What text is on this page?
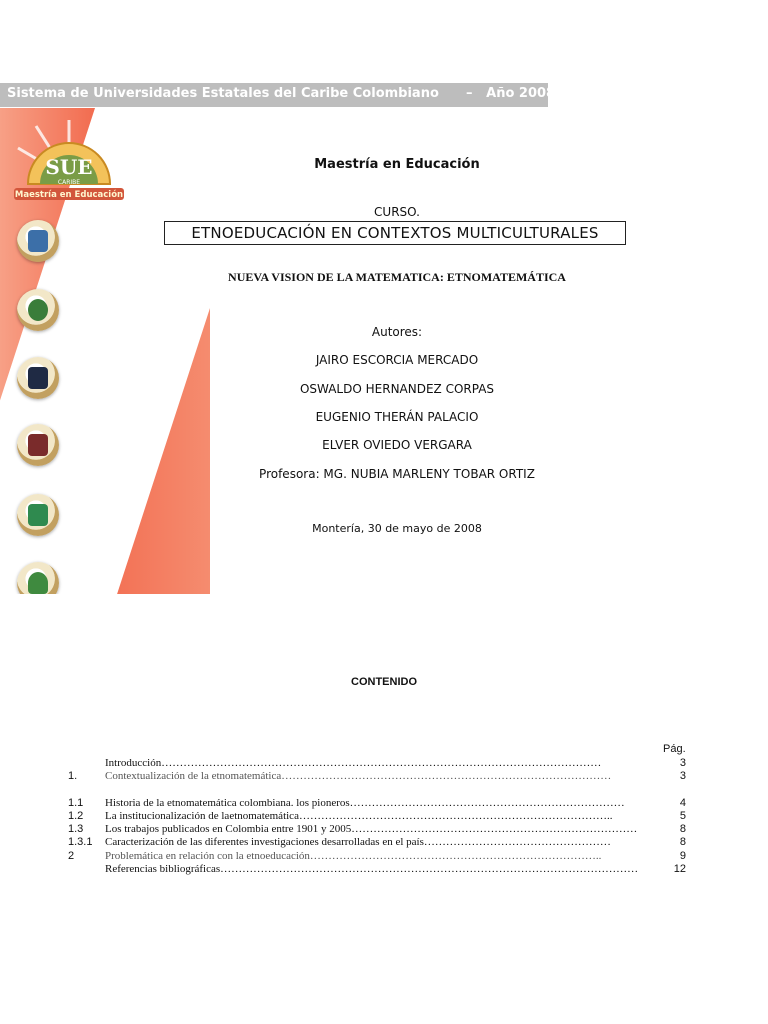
Sistema de Universidades Estatales del Caribe Colombiano      –   Año 2008
SUE
CARIBE
Maestría en Educación
Maestría en Educación
CURSO.
ETNOEDUCACIÓN EN CONTEXTOS MULTICULTURALES
NUEVA VISION DE LA MATEMATICA: ETNOMATEMÁTICA
Autores:
JAIRO ESCORCIA MERCADO
OSWALDO HERNANDEZ CORPAS
EUGENIO THERÁN PALACIO
ELVER OVIEDO VERGARA
Profesora: MG. NUBIA MARLENY TOBAR ORTIZ
Montería, 30 de mayo de 2008
CONTENIDO
Pág.
Introducción…………………………………………………………………………………………………………	3
1.	Contextualización de la etnomatemática………………………………………………………………………………	3
1.1 Historia de la etnomatemática colombiana. los pioneros…………………………………………………………………	4
1.2 La institucionalización de laetnomatemática…………………………………………………………………………..	5
1.3 Los trabajos publicados en Colombia entre 1901 y 2005……………………………………………………………………	8
1.3.1 Caracterización de las diferentes investigaciones desarrolladas en el país……………………………………………	8
2	Problemática en relación con la etnoeducación……………………………………………………………………..	9
Referencias bibliográficas……………………………………………………………………………………………………	12
